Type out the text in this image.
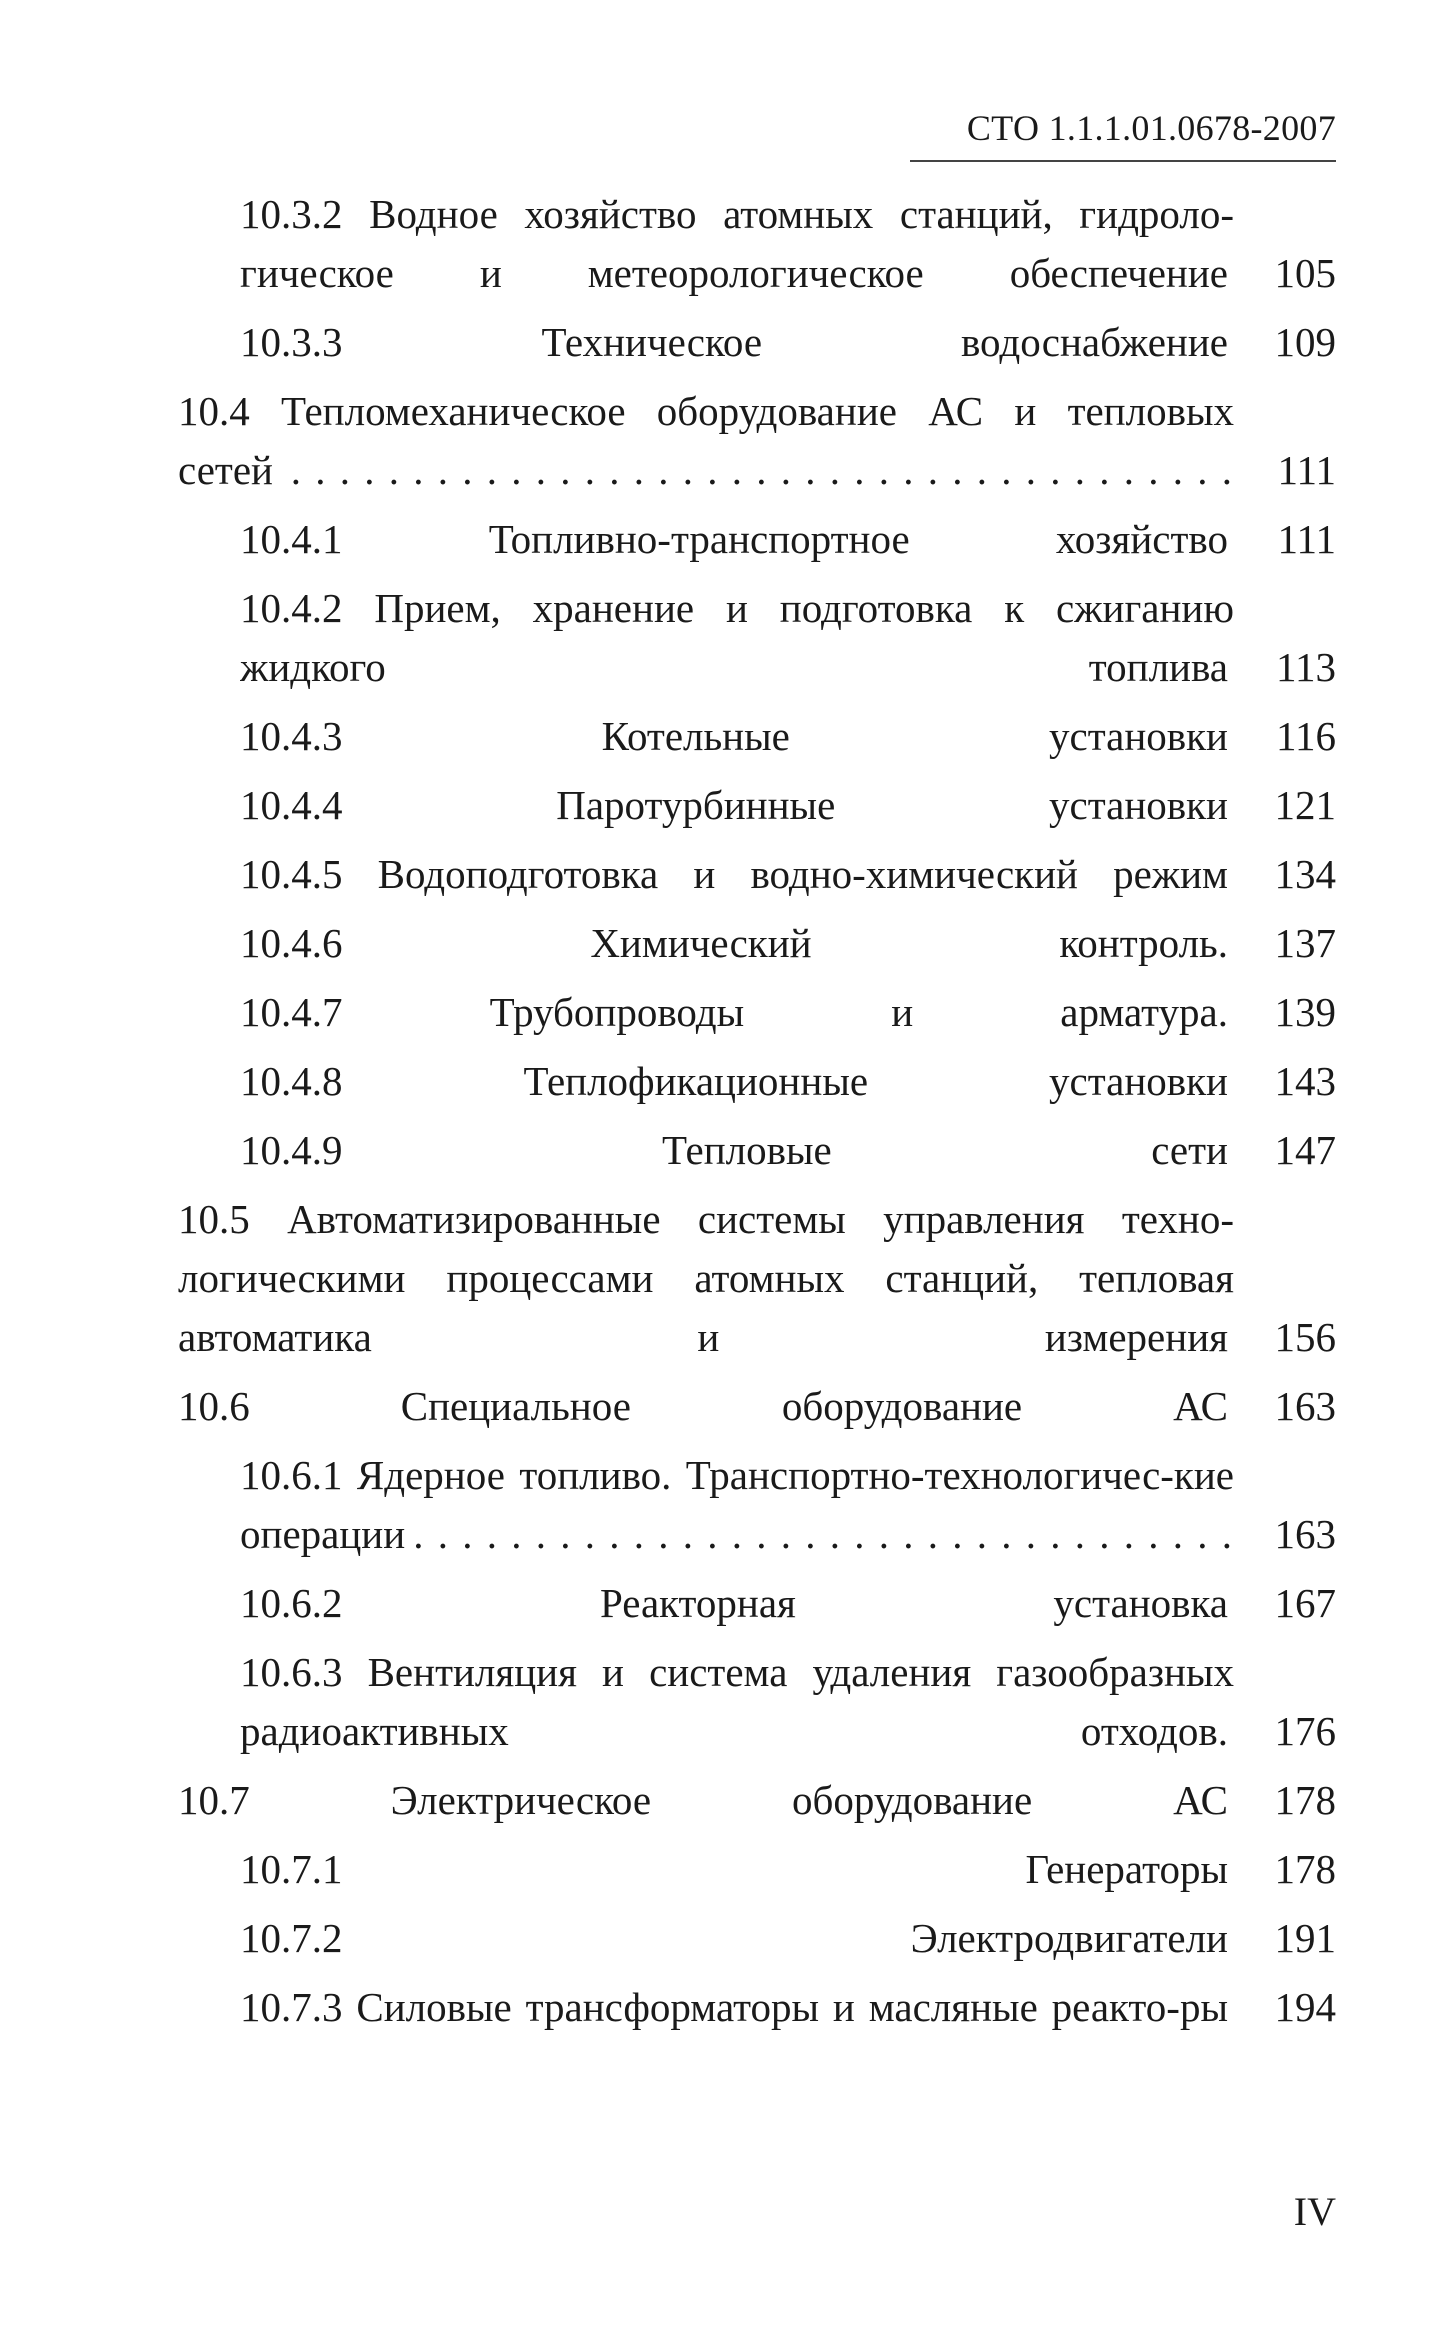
СТО 1.1.1.01.0678-2007
10.3.2 Водное хозяйство атомных станций, гидроло-гическое и метеорологическое обеспечение . . .	105
10.3.3 Техническое водоснабжение . . .	109
10.4 Тепломеханическое оборудование АС и тепловых сетей . . .	111
10.4.1 Топливно-транспортное хозяйство . . .	111
10.4.2 Прием, хранение и подготовка к сжиганию жидкого топлива . . .	113
10.4.3 Котельные установки . . .	116
10.4.4 Паротурбинные установки . . .	121
10.4.5 Водоподготовка и водно-химический режим	134
10.4.6 Химический контроль. . . .	137
10.4.7 Трубопроводы и арматура. . . .	139
10.4.8 Теплофикационные установки . . .	143
10.4.9 Тепловые сети . . .	147
10.5 Автоматизированные системы управления техно-логическими процессами атомных станций, тепловая автоматика и измерения . . .	156
10.6 Специальное оборудование АС . . .	163
10.6.1 Ядерное топливо. Транспортно-технологичес-кие операции . . .	163
10.6.2 Реакторная установка . . .	167
10.6.3 Вентиляция и система удаления газообразных радиоактивных отходов. . . .	176
10.7 Электрическое оборудование АС . . .	178
10.7.1 Генераторы . . .	178
10.7.2 Электродвигатели . . .	191
10.7.3 Силовые трансформаторы и масляные реакто-ры . . .	194
IV
